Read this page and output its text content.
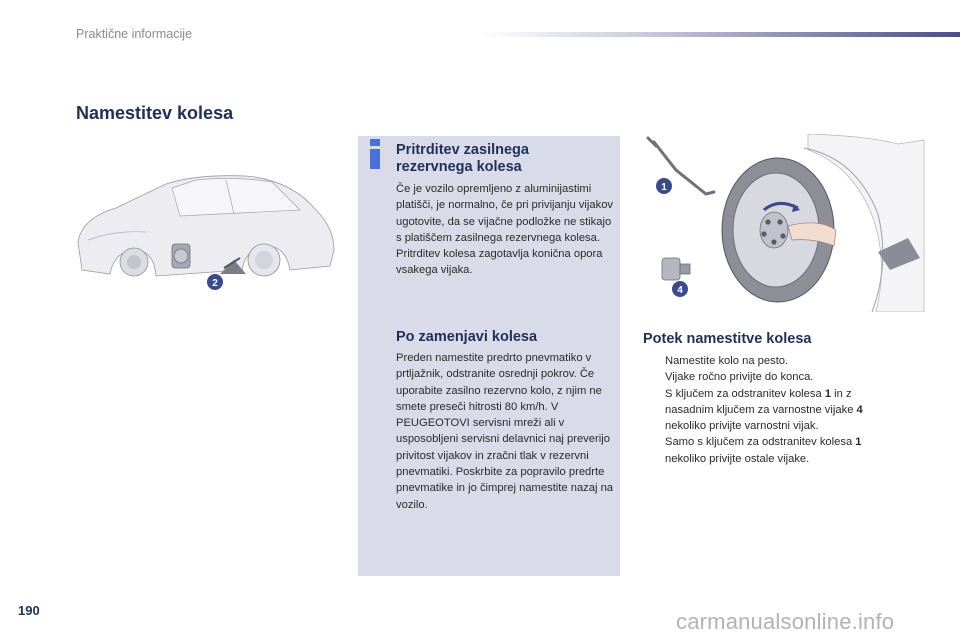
Praktične informacije
Namestitev kolesa
2
Pritrditev zasilnega
rezervnega kolesa
Če je vozilo opremljeno z aluminijastimi platišči, je normalno, če pri privijanju vijakov ugotovite, da se vijačne podložke ne stikajo s platiščem zasilnega rezervnega kolesa. Pritrditev kolesa zagotavlja konična opora vsakega vijaka.
Po zamenjavi kolesa
Preden namestite predrto pnevmatiko v prtljažnik, odstranite osrednji pokrov. Če uporabite zasilno rezervno kolo, z njim ne smete preseči hitrosti 80 km/h. V PEUGEOTOVI servisni mreži ali v usposobljeni servisni delavnici naj preverijo privitost vijakov in zračni tlak v rezervni pnevmatiki. Poskrbite za popravilo predrte pnevmatike in jo čimprej namestite nazaj na vozilo.
1
4
Potek namestitve kolesa
Namestite kolo na pesto.
Vijake ročno privijte do konca.
S ključem za odstranitev kolesa 1 in z nasadnim ključem za varnostne vijake 4 nekoliko privijte varnostni vijak.
Samo s ključem za odstranitev kolesa 1 nekoliko privijte ostale vijake.
190	carmanualsonline.info
